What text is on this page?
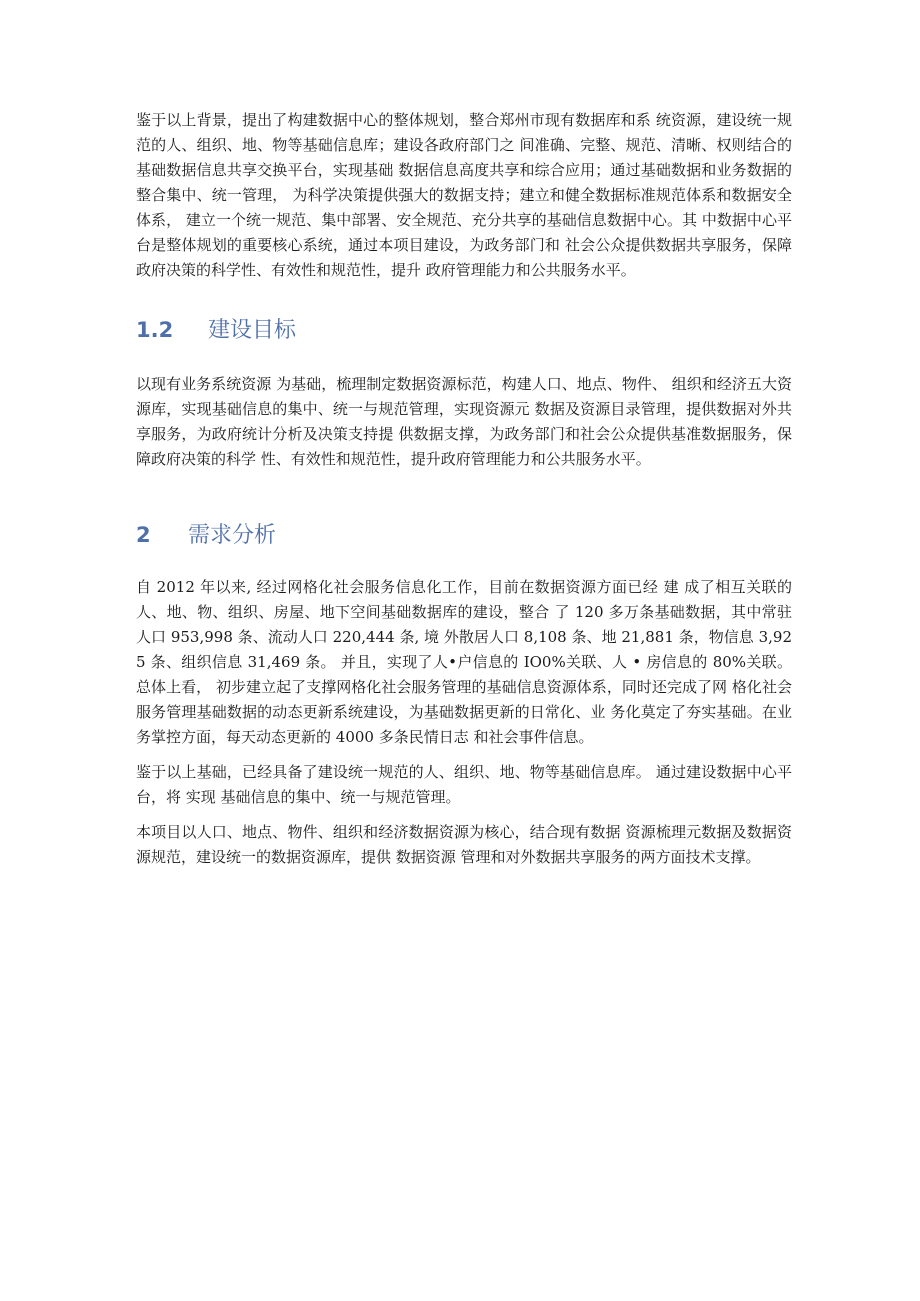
鉴于以上背景，提出了构建数据中心的整体规划，整合郑州市现有数据库和系 统资源，建设统一规范的人、组织、地、物等基础信息库；建设各政府部门之 间准确、完整、规范、清晰、权则结合的基础数据信息共享交换平台，实现基础 数据信息高度共享和综合应用；通过基础数据和业务数据的整合集中、统一管理， 为科学决策提供强大的数据支持；建立和健全数据标准规范体系和数据安全体系， 建立一个统一规范、集中部署、安全规范、充分共享的基础信息数据中心。其 中数据中心平台是整体规划的重要核心系统，通过本项目建设，为政务部门和 社会公众提供数据共享服务，保障政府决策的科学性、有效性和规范性，提升 政府管理能力和公共服务水平。

1.2	建设目标

以现有业务系统资源 为基础，梳理制定数据资源标范，构建人口、地点、物件、 组织和经济五大资源库，实现基础信息的集中、统一与规范管理，实现资源元 数据及资源目录管理，提供数据对外共享服务，为政府统计分析及决策支持提 供数据支撑，为政务部门和社会公众提供基准数据服务，保障政府决策的科学 性、有效性和规范性，提升政府管理能力和公共服务水平。

2	需求分析

自 2012 年以来, 经过网格化社会服务信息化工作，目前在数据资源方面已经 建 成了相互关联的人、地、物、组织、房屋、地下空间基础数据库的建设，整合 了 120 多万条基础数据，其中常驻人口 953,998 条、流动人口 220,444 条, 境 外散居人口 8,108 条、地 21,881 条，物信息 3,925 条、组织信息 31,469 条。 并且，实现了人•户信息的 IO0%关联、人 • 房信息的 80%关联。总体上看， 初步建立起了支撑网格化社会服务管理的基础信息资源体系，同时还完成了网 格化社会服务管理基础数据的动态更新系统建设，为基础数据更新的日常化、业 务化莫定了夯实基础。在业务掌控方面，每天动态更新的 4000 多条民情日志 和社会事件信息。

鉴于以上基础，已经具备了建设统一规范的人、组织、地、物等基础信息库。 通过建设数据中心平台，将 实现 基础信息的集中、统一与规范管理。

本项目以人口、地点、物件、组织和经济数据资源为核心，结合现有数据 资源梳理元数据及数据资源规范，建设统一的数据资源库，提供 数据资源 管理和对外数据共享服务的两方面技术支撑。
